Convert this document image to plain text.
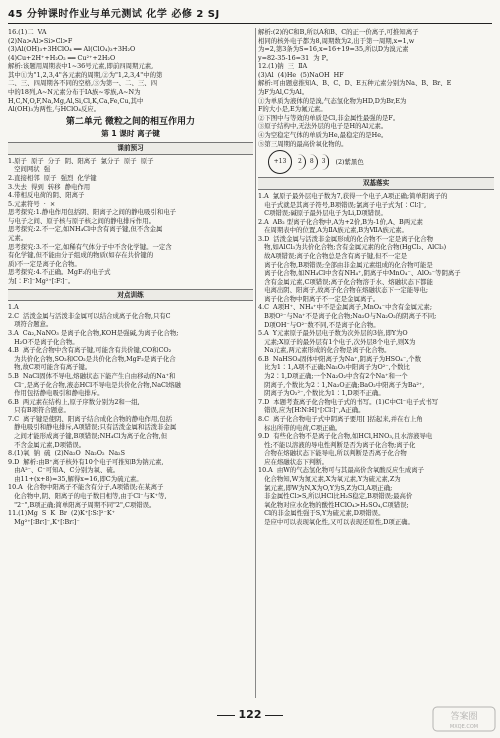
45 分钟课时作业与单元测试 化学 必修 2 SJ
16.(1)二  VA
(2)Na>Al>Si>Cl>F
(3)Al(OH)₃+3HClO₄ ══ Al(ClO₄)₃+3H₂O
(4)Cu+2H⁺+H₂O₂ ══ Cu²⁺+2H₂O
解析:该题用周期表中1~36号元素,即前四周期元素,
其中①为"1,2,3,4"各元素的周期,②为"1,2,3,4"中的第
二、三、四周期各不同的空格,③为第一、二、三、四
中的18列,A~N元素分布于ⅠA族~零族,A~N为
H,C,N,O,F,Na,Mg,Al,Si,Cl,K,Ca,Fe,Cu,其中
Al(OH)₃为两性,与HClO₄反应。
第二单元 微粒之间的相互作用力
第 1 课时 离子键
课前预习
1.原子  原子  分子  阴、阳离子  氯分子  原子  原子
空间网状  强
2.直接相邻  原子  强烈  化学键
3.失去  得到  转移  静电作用
4.带相反电荷的阴、阳离子
5.元素符号  ·  ×
思考探究:1.静电作用包括阴、阳离子之间的静电吸引和电子
与电子之间、原子核与原子核之间的静电排斥作用。
思考探究:2.不一定,如NH₄Cl中含有离子键,但不含金属
元素。
思考探究:3.不一定,如稀有气体分子中不含化学键。一定含
有化学键,但不能由分子组成的物质(如存在共价键的
质)不一定是离子化合物。
思考探究:4.不正确。MgF₂的电子式
为[∶F∶]⁻Mg²⁺[∶F∶]⁻。
对点训练
1.A
2.C  活泼金属与活泼非金属可以结合成离子化合物,只有C
项符合题意。
3.A  Ca₂,NaNO₃ 是离子化合物,KOH是强碱,为离子化合物;
H₂O不是离子化合物。
4.B  离子化合物中含有离子键,可能含有共价键,CO和CO₂
为共价化合物,SO₂和CO₂是共价化合物,MgF₂是离子化合
物,故C项可能含有离子键。
5.B  NaCl固体不导电,熔融状态下能产生自由移动的Na⁺和
Cl⁻,是离子化合物,液态HCl不导电是共价化合物,NaCl熔融
作用包括静电吸引和静电排斥。
6.B  两元素在结构上,原子序数分别为2和一组,
只有B项符合题意。
7.C  离子键是使阴、阳离子结合成化合物的静电作用,包括
静电吸引和静电排斥,A项错误;只有活泼金属和活泼非金属
之间才能形成离子键,B项错误;NH₄Cl为离子化合物,但
不含金属元素,D项错误。
8.(1)氧  钠  硫  (2)Na₂O  Na₂O₂  Na₂S
9.D  解析:由B⁺离子核外有10个电子可推知B为钠元素,
由A²⁻、C⁻可知A、C分别为氧、硫。
由11+(x+8)=35,解得x=16,即C为硫元素。
10.A  化合物中阳离子不能含有分子,A项错误;在某离子
化合物中,阴、阳离子的电子数目相等,由于Cl⁻与K⁺等,
"2⁻",B项正确;简单阳离子周期不同"2",C项错误。
11.(1)Mg  S  K  Br  (2)K⁺[∶S∶]²⁻K⁺
Mg²⁺[∶Br∶]⁻,K⁺[∶Br∶]⁻
解析:(2)的C和B,所以A和B、C的正一价离子,可推知离子
相同的核外电子都为8,周期数为2,出于第一周期,x=1,w
为=2,第3条为S=16,x=16+19=35,所以D为溴元素
y=82-35-16=31  为 P。
12.(1)钠  三  ⅡA
(3)Al  (4)He  (5)NaOH  HF
解析:可由题意推知A、B、C、D、E五种元素分别为Na、B、Br、E
为F为Al,C为Al。
①为单质为液体的是溴,气态氢化物为HD,D为Br,E为
F的大小是,E为氟元素。
②下图中与等效的单质是Cl,非金属性最强的是F。
③原子结构中,无法外层的电子是H的Al元素。
④为空稳定气体的单质为He,最稳定的是He。
⑤第三周期的最高价氧化物的。
+13	2	8	3	(2)紫黑色
双基落实
1.A  氯原子最外层电子数为7,获得一个电子,A项正确;简单阳离子的
电子式就是其离子符号,B项错误;氯离子电子式为[∶Cl∶]⁻,
C项错误;碱原子最外层电子为Li,D项错误。
2.A  AB₂ 型离子化合物中,A为+2价,B为-1价,A、B两元素
在周期表中的位置,A为ⅡA族元素,B为ⅦA族元素。
3.D  活泼金属与活泼非金属形成的化合物不一定是离子化合物
物,如AlCl₃为共价化合物;含有金属元素的化合物(HgCl₂、AlCl₃)
故A项错误;离子化合物总是含有离子键,但不一定是
离子化合物,B项错误;全部由非金属元素组成的化合物可能是
离子化合物,如NH₄Cl中含有NH₄⁺,阴离子中MnO₄⁻、AlO₂⁻等阴离子
含有金属元素,C项错误;离子化合物溶于水、熔融状态下都能
电离出阴、阳离子,故离子化合物在熔融状态下一定能导电;
离子化合物中阳离子不一定是金属离子。
4.C  A项H⁺、NH₄⁺中不是金属离子,MnO₄⁻中含有金属元素;
B项O²⁻与Na⁺不是离子化合物;Na₂O与Na₂O₂的阴离子不同;
D项OH⁻与O²⁻数不同,不是离子化合物。
5.A  Y元素原子最外层电子数为次外层的3倍,即Y为O
元素;X原子的最外层有1个电子,次外层8个电子,则X为
Na元素,两元素形成的化合物是离子化合物。
6.B  NaHSO₄固体中阳离子为Na⁺,阴离子为HSO₄⁻,个数
比为1∶1,A项不正确;Na₂O₂中阳离子为O²⁻,个数比
为2∶1,D项正确;一个Na₂O₂中含有2个Na⁺和一个
阴离子,个数比为2∶1,Na₂O正确;BaO₂中阳离子为Ba²⁺,
阴离子为O₂²⁻,个数比为1∶1,D项不正确。
7.D  本题考查离子化合物电子式的书写。(1)C中Cl⁻电子式书写
错误,应为[H∶N∶H]⁺[∶Cl∶]⁻,A正确。
8.C  离子化合物电子式中阴离子要用[ ]括起来,并在右上角
标出所带的电荷,C项正确。
9.D  有些化合物不是离子化合物,如HCl,HNO₃,且水溶液导电
性;不能以溶液的导电性判断是否为离子化合物;离子化
合物在熔融状态下能导电,所以判断是否离子化合物
应在熔融状态下判断。
10.A  由W的气态氢化物可与其最高价含氧酸反应生成离子
化合物知,W为氮元素,X为氧元素,Y为硫元素,Z为
氯元素,即W为N,X为O,Y为S,Z为Cl,A项正确;
非金属性Cl>S,所以HCl比H₂S稳定,B项错误;最高价
氧化物对应水化物的酸性HClO₄>H₂SO₄,C项错误;
Cl的非金属性强于S,Y为硫元素,D项错误。
是应中可以表现氧化性,又可以表现还原性,D项正确。
122	答案圈
MXQE.COM
